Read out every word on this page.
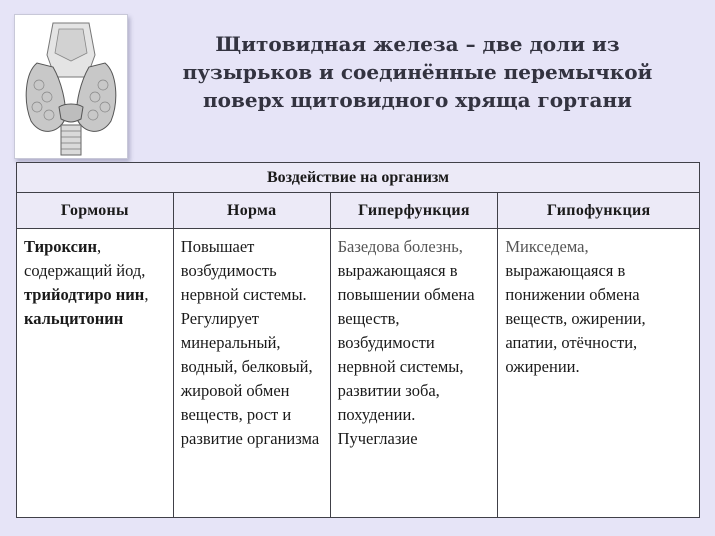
Щитовидная железа – две доли из
пузырьков и соединённые перемычкой
поверх щитовидного хряща гортани
Воздействие на организм			
Гормоны	Норма	Гиперфункция	Гипофункция
Тироксин, содержащий йод, трийодтиро нин, кальцитонин	Повышает возбудимость нервной системы. Регулирует минеральный, водный, белковый, жировой обмен веществ, рост и развитие организма	Базедова болезнь, выражающаяся в повышении обмена веществ, возбудимости нервной системы, развитии зоба, похудении. Пучеглазие	Микседема, выражающаяся в понижении обмена веществ, ожирении, апатии, отёчности, ожирении.
